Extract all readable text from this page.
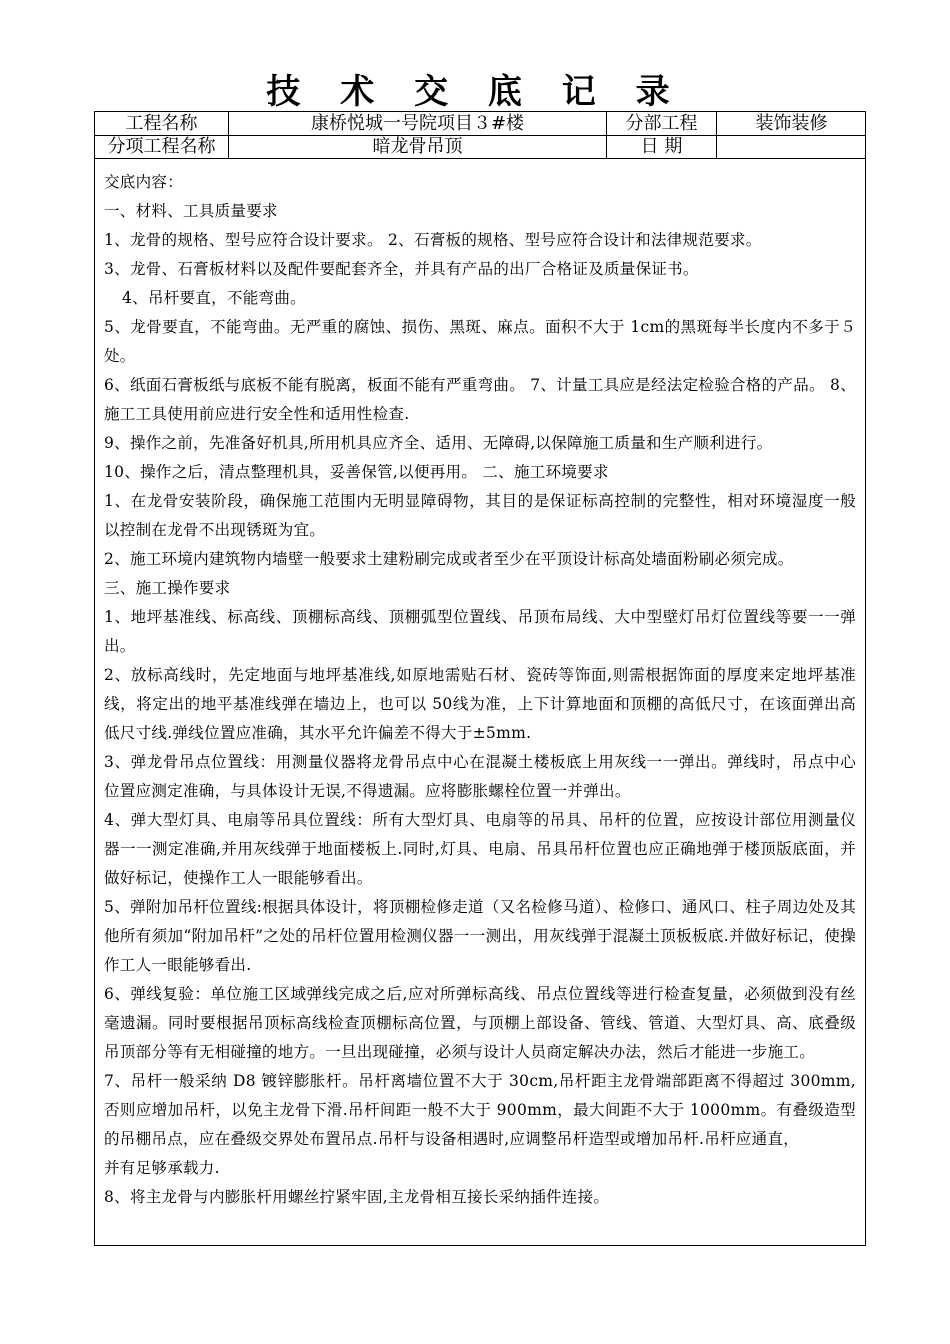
技 术 交 底 记 录
工程名称	康桥悦城一号院项目３#楼	分部工程	装饰装修
分项工程名称	暗龙骨吊顶	日 期
交底内容：
一、材料、工具质量要求
1、龙骨的规格、型号应符合设计要求。 2、石膏板的规格、型号应符合设计和法律规范要求。
3、龙骨、石膏板材料以及配件要配套齐全，并具有产品的出厂合格证及质量保证书。
4、吊杆要直，不能弯曲。
5、龙骨要直，不能弯曲。无严重的腐蚀、损伤、黑斑、麻点。面积不大于 1cm的黑斑每半长度内不多于５处。
6、纸面石膏板纸与底板不能有脱离，板面不能有严重弯曲。 7、计量工具应是经法定检验合格的产品。 8、施工工具使用前应进行安全性和适用性检查.
9、操作之前，先准备好机具,所用机具应齐全、适用、无障碍,以保障施工质量和生产顺利进行。
10、操作之后，清点整理机具，妥善保管,以便再用。 二、施工环境要求
1、在龙骨安装阶段，确保施工范围内无明显障碍物，其目的是保证标高控制的完整性，相对环境湿度一般以控制在龙骨不出现锈斑为宜。
2、施工环境内建筑物内墙壁一般要求土建粉刷完成或者至少在平顶设计标高处墙面粉刷必须完成。
三、施工操作要求
1、地坪基准线、标高线、顶棚标高线、顶棚弧型位置线、吊顶布局线、大中型壁灯吊灯位置线等要一一弹出。
2、放标高线时，先定地面与地坪基准线,如原地需贴石材、瓷砖等饰面,则需根据饰面的厚度来定地坪基准线，将定出的地平基准线弹在墙边上，也可以 50线为准，上下计算地面和顶棚的高低尺寸，在该面弹出高低尺寸线.弹线位置应准确，其水平允许偏差不得大于±5mm.
3、弹龙骨吊点位置线：用测量仪器将龙骨吊点中心在混凝土楼板底上用灰线一一弹出。弹线时，吊点中心位置应测定准确，与具体设计无误,不得遗漏。应将膨胀螺栓位置一并弹出。
4、弹大型灯具、电扇等吊具位置线：所有大型灯具、电扇等的吊具、吊杆的位置，应按设计部位用测量仪器一一测定准确,并用灰线弹于地面楼板上.同时,灯具、电扇、吊具吊杆位置也应正确地弹于楼顶版底面，并做好标记，使操作工人一眼能够看出。
5、弹附加吊杆位置线:根据具体设计，将顶棚检修走道（又名检修马道）、检修口、通风口、柱子周边处及其他所有须加“附加吊杆”之处的吊杆位置用检测仪器一一测出，用灰线弹于混凝土顶板板底.并做好标记，使操作工人一眼能够看出.
6、弹线复验：单位施工区域弹线完成之后,应对所弹标高线、吊点位置线等进行检查复量，必须做到没有丝毫遗漏。同时要根据吊顶标高线检查顶棚标高位置，与顶棚上部设备、管线、管道、大型灯具、高、底叠级吊顶部分等有无相碰撞的地方。一旦出现碰撞，必须与设计人员商定解决办法，然后才能进一步施工。
7、吊杆一般采纳 D8 镀锌膨胀杆。吊杆离墙位置不大于 30cm,吊杆距主龙骨端部距离不得超过 300mm,否则应增加吊杆，以免主龙骨下滑.吊杆间距一般不大于 900mm，最大间距不大于 1000mm。有叠级造型的吊棚吊点，应在叠级交界处布置吊点.吊杆与设备相遇时,应调整吊杆造型或增加吊杆.吊杆应通直，
并有足够承载力.
8、将主龙骨与内膨胀杆用螺丝拧紧牢固,主龙骨相互接长采纳插件连接。
